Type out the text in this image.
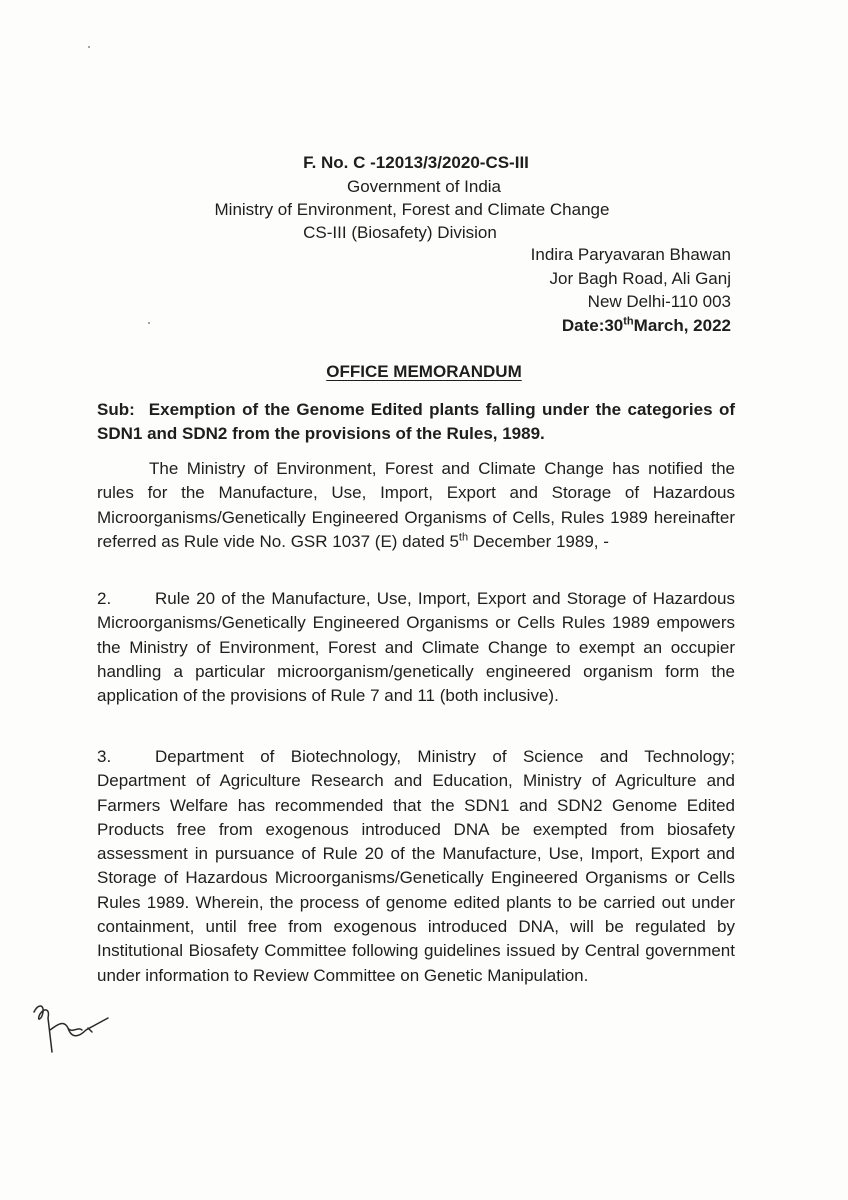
F. No. C -12013/3/2020-CS-III
Government of India
Ministry of Environment, Forest and Climate Change
CS-III (Biosafety) Division
Indira Paryavaran Bhawan
Jor Bagh Road, Ali Ganj
New Delhi-110 003
Date:30thMarch, 2022
OFFICE MEMORANDUM
Sub: Exemption of the Genome Edited plants falling under the categories of SDN1 and SDN2 from the provisions of the Rules, 1989.
The Ministry of Environment, Forest and Climate Change has notified the rules for the Manufacture, Use, Import, Export and Storage of Hazardous Microorganisms/Genetically Engineered Organisms of Cells, Rules 1989 hereinafter referred as Rule vide No. GSR 1037 (E) dated 5th December 1989, -
2.	Rule 20 of the Manufacture, Use, Import, Export and Storage of Hazardous Microorganisms/Genetically Engineered Organisms or Cells Rules 1989 empowers the Ministry of Environment, Forest and Climate Change to exempt an occupier handling a particular microorganism/genetically engineered organism form the application of the provisions of Rule 7 and 11 (both inclusive).
3.	Department of Biotechnology, Ministry of Science and Technology; Department of Agriculture Research and Education, Ministry of Agriculture and Farmers Welfare has recommended that the SDN1 and SDN2 Genome Edited Products free from exogenous introduced DNA be exempted from biosafety assessment in pursuance of Rule 20 of the Manufacture, Use, Import, Export and Storage of Hazardous Microorganisms/Genetically Engineered Organisms or Cells Rules 1989. Wherein, the process of genome edited plants to be carried out under containment, until free from exogenous introduced DNA, will be regulated by Institutional Biosafety Committee following guidelines issued by Central government under information to Review Committee on Genetic Manipulation.
